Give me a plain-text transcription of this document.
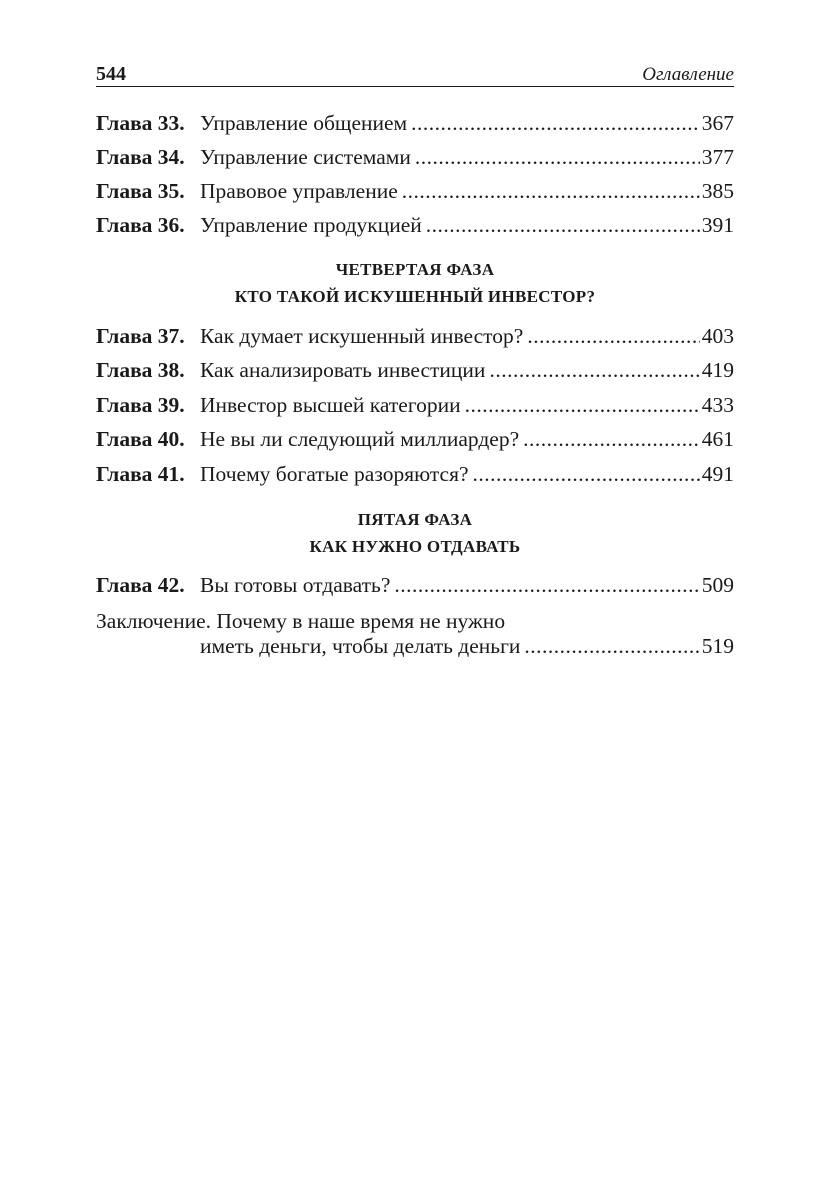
544	Оглавление
Глава 33. Управление общением .....	367
Глава 34. Управление системами .....	377
Глава 35. Правовое управление .....	385
Глава 36. Управление продукцией .....	391
ЧЕТВЕРТАЯ ФАЗА
КТО ТАКОЙ ИСКУШЕННЫЙ ИНВЕСТОР?
Глава 37. Как думает искушенный инвестор? .....	403
Глава 38. Как анализировать инвестиции .....	419
Глава 39. Инвестор высшей категории .....	433
Глава 40. Не вы ли следующий миллиардер? .....	461
Глава 41. Почему богатые разоряются? .....	491
ПЯТАЯ ФАЗА
КАК НУЖНО ОТДАВАТЬ
Глава 42. Вы готовы отдавать? .....	509
Заключение. Почему в наше время не нужно
иметь деньги, чтобы делать деньги .....	519
